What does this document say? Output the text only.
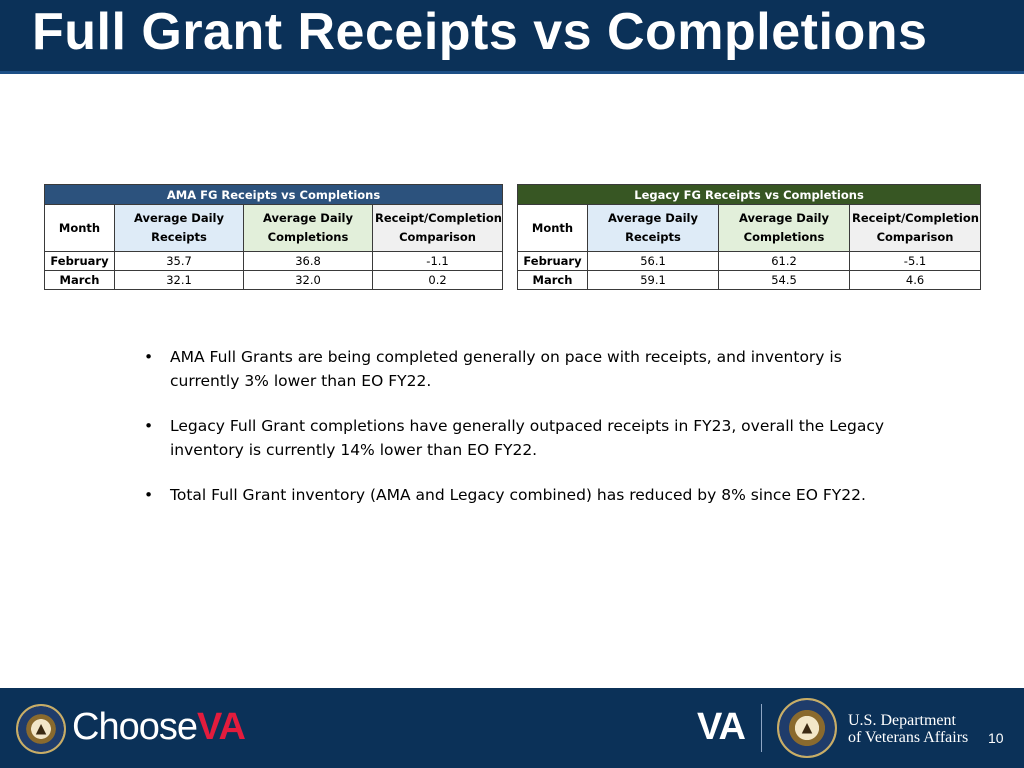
Full Grant Receipts vs Completions
AMA FG Receipts vs Completions			
Month	Average Daily Receipts	Average Daily Completions	Receipt/Completion Comparison
February	35.7	36.8	-1.1
March	32.1	32.0	0.2
Legacy FG Receipts vs Completions			
Month	Average Daily Receipts	Average Daily Completions	Receipt/Completion Comparison
February	56.1	61.2	-5.1
March	59.1	54.5	4.6
• AMA Full Grants are being completed generally on pace with receipts, and inventory is currently 3% lower than EO FY22.
• Legacy Full Grant completions have generally outpaced receipts in FY23, overall the Legacy inventory is currently 14% lower than EO FY22.
• Total Full Grant inventory (AMA and Legacy combined) has reduced by 8% since EO FY22.
▲ ChooseVA	VA	▲ U.S. Department
of Veterans Affairs 10
